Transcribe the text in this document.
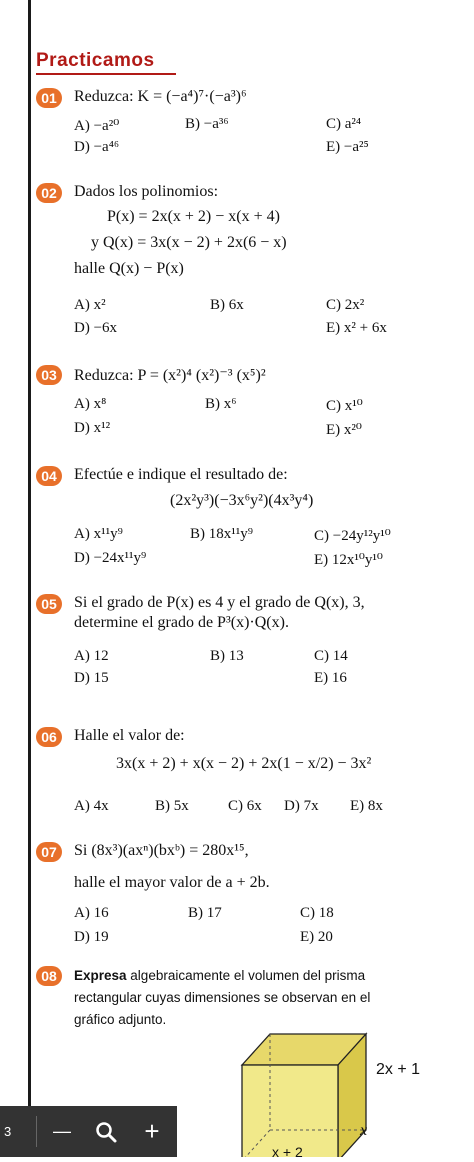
Practicamos
01	Reduzca: K = (−a⁴)⁷·(−a³)⁶
A) −a²⁰	B) −a³⁶	C) a²⁴
D) −a⁴⁶	E) −a²⁵
02	Dados los polinomios:
P(x) = 2x(x + 2) − x(x + 4)
y Q(x) = 3x(x − 2) + 2x(6 − x)
halle Q(x) − P(x)
A) x²	B) 6x	C) 2x²
D) −6x	E) x² + 6x
03	Reduzca: P = (x²)⁴ (x²)⁻³ (x⁵)²
A) x⁸	B) x⁶	C) x¹⁰
D) x¹²	E) x²⁰
04	Efectúe e indique el resultado de:
(2x²y³)(−3x⁶y²)(4x³y⁴)
A) x¹¹y⁹	B) 18x¹¹y⁹	C) −24y¹²y¹⁰
D) −24x¹¹y⁹	E) 12x¹⁰y¹⁰
05	Si el grado de P(x) es 4 y el grado de Q(x), 3,
determine el grado de P³(x)·Q(x).
A) 12	B) 13	C) 14
D) 15	E) 16
06	Halle el valor de:
3x(x + 2) + x(x − 2) + 2x(1 − x/2) − 3x²
A) 4x	B) 5x	C) 6x D) 7x E) 8x
07	Si (8x³)(axⁿ)(bxᵇ) = 280x¹⁵,
halle el mayor valor de a + 2b.
A) 16	B) 17	C) 18
D) 19	E) 20
08	Expresa algebraicamente el volumen del prisma
rectangular cuyas dimensiones se observan en el
gráfico adjunto.
2x + 1
x
x + 2
3	—	+
